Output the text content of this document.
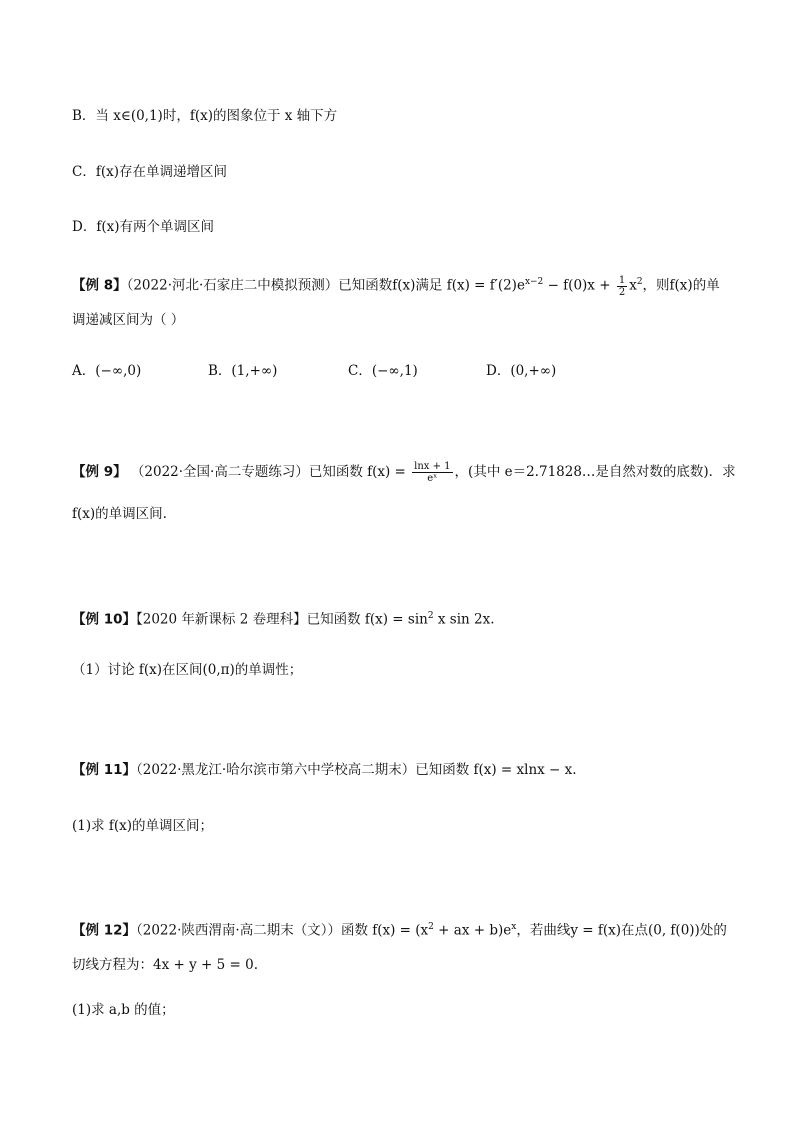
B．当 x∈(0,1)时，f(x)的图象位于 x 轴下方
C．f(x)存在单调递增区间
D．f(x)有两个单调区间
【例 8】（2022·河北·石家庄二中模拟预测）已知函数f(x)满足 $f(x) = f'(2)e^{x-2} - f(0)x + \frac{1}{2} x^2$，则f(x)的单
调递减区间为（ ）
A．(−∞,0)	B．(1,+∞)	C．(−∞,1)	D．(0,+∞)
【例 9】 （2022·全国·高二专题练习）已知函数 $f(x) = \frac{\ln x + 1}{\text{eˣ}}$ ，(其中 e＝2.71828…是自然对数的底数)．求
f(x)的单调区间.
【例 10】【2020 年新课标 2 卷理科】已知函数 $f(x) = \sin^2 x$ sin 2x.
（1）讨论 f(x)在区间(0,π)的单调性；
【例 11】（2022·黑龙江·哈尔滨市第六中学校高二期末）已知函数 f(x) = xlnx − x.
(1)求 f(x)的单调区间；
【例 12】（2022·陕西渭南·高二期末（文））函数 $f(x) = (x^2$ + ax + $b)e^x$，若曲线y = f(x)在点(0, f(0))处的
切线方程为：4x + y + 5 = 0.
(1)求 a,b 的值；
